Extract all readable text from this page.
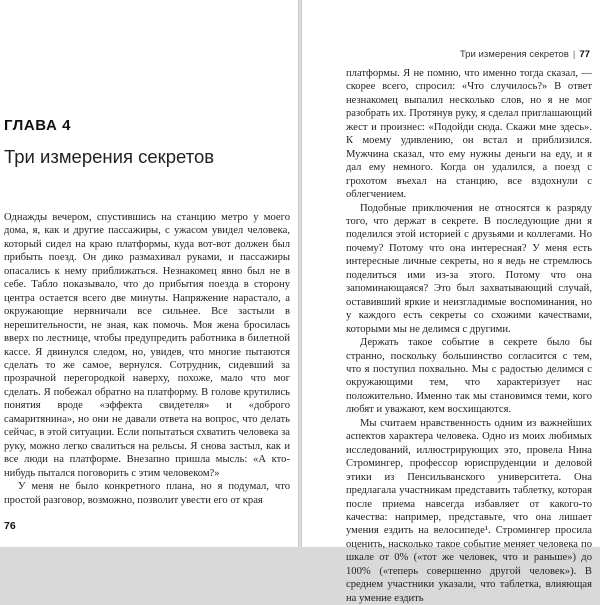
ГЛАВА 4
Три измерения секретов

Однажды вечером, спустившись на станцию метро у моего дома, я, как и другие пассажиры, с ужасом увидел человека, который сидел на краю платформы, куда вот-вот должен был прибыть поезд. Он дико размахивал руками, и пассажиры опасались к нему приближаться. Незнакомец явно был не в себе. Табло показывало, что до прибытия поезда в сторону центра остается всего две минуты. Напряжение нарастало, а окружающие нервничали все сильнее. Все застыли в нерешительности, не зная, как помочь. Моя жена бросилась вверх по лестнице, чтобы предупредить работника в билетной кассе. Я двинулся следом, но, увидев, что многие пытаются сделать то же самое, вернулся. Сотрудник, сидевший за прозрачной перегородкой наверху, похоже, мало что мог сделать. Я побежал обратно на платформу. В голове крутились понятия вроде «эффекта свидетеля» и «доброго самаритянина», но они не давали ответа на вопрос, что делать сейчас, в этой ситуации. Если попытаться схватить человека за руку, можно легко свалиться на рельсы. Я снова застыл, как и все люди на платформе. Внезапно пришла мысль: «А кто-нибудь пытался поговорить с этим человеком?»

У меня не было конкретного плана, но я подумал, что простой разговор, возможно, позволит увести его от края

76
Три измерения секретов | 77

платформы. Я не помню, что именно тогда сказал, — скорее всего, спросил: «Что случилось?» В ответ незнакомец выпалил несколько слов, но я не мог разобрать их. Протянув руку, я сделал приглашающий жест и произнес: «Подойди сюда. Скажи мне здесь». К моему удивлению, он встал и приблизился. Мужчина сказал, что ему нужны деньги на еду, и я дал ему немного. Когда он удалился, а поезд с грохотом въехал на станцию, все вздохнули с облегчением.

Подобные приключения не относятся к разряду того, что держат в секрете. В последующие дни я поделился этой историей с друзьями и коллегами. Но почему? Потому что она интересная? У меня есть интересные личные секреты, но я ведь не стремлюсь поделиться ими из-за этого. Потому что она запоминающаяся? Это был захватывающий случай, оставивший яркие и неизгладимые воспоминания, но у каждого есть секреты со схожими качествами, которыми мы не делимся с другими.

Держать такое событие в секрете было бы странно, поскольку большинство согласится с тем, что я поступил похвально. Мы с радостью делимся с окружающими тем, что характеризует нас положительно. Именно так мы становимся теми, кого любят и уважают, кем восхищаются.

Мы считаем нравственность одним из важнейших аспектов характера человека. Одно из моих любимых исследований, иллюстрирующих это, провела Нина Стромингер, профессор юриспруденции и деловой этики из Пенсильванского университета. Она предлагала участникам представить таблетку, которая после приема навсегда избавляет от какого-то качества: например, представьте, что она лишает умения ездить на велосипеде¹. Стромингер просила оценить, насколько такое событие меняет человека по шкале от 0% («тот же человек, что и раньше») до 100% («теперь совершенно другой человек»). В среднем участники указали, что таблетка, влияющая на умение ездить
